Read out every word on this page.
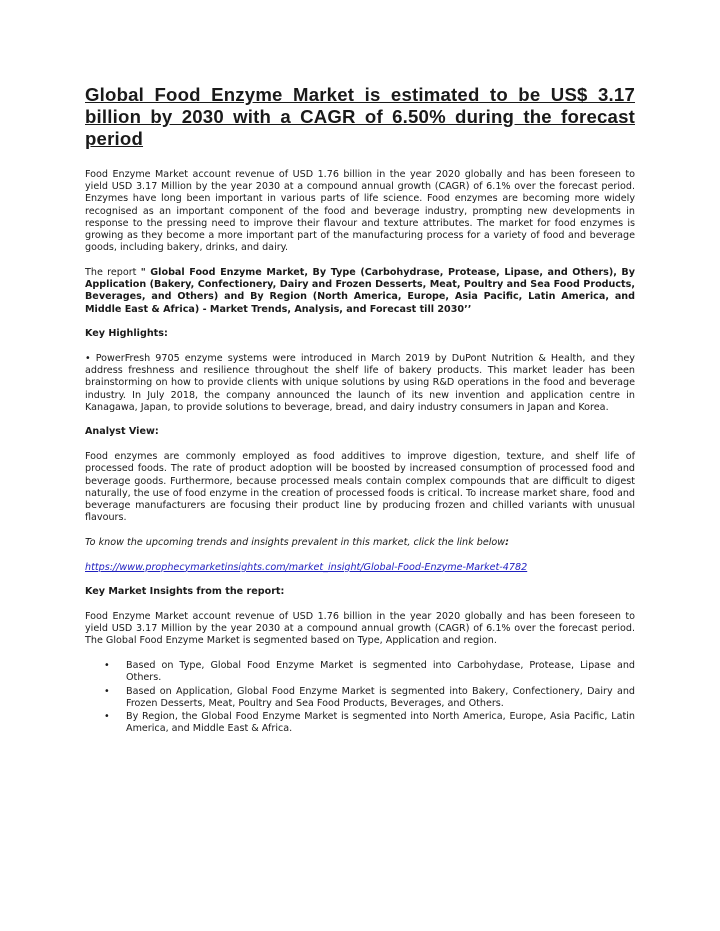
Global Food Enzyme Market is estimated to be US$ 3.17 billion by 2030 with a CAGR of 6.50% during the forecast period

Food Enzyme Market account revenue of USD 1.76 billion in the year 2020 globally and has been foreseen to yield USD 3.17 Million by the year 2030 at a compound annual growth (CAGR) of 6.1% over the forecast period. Enzymes have long been important in various parts of life science. Food enzymes are becoming more widely recognised as an important component of the food and beverage industry, prompting new developments in response to the pressing need to improve their flavour and texture attributes. The market for food enzymes is growing as they become a more important part of the manufacturing process for a variety of food and beverage goods, including bakery, drinks, and dairy.

The report " Global Food Enzyme Market, By Type (Carbohydrase, Protease, Lipase, and Others), By Application (Bakery, Confectionery, Dairy and Frozen Desserts, Meat, Poultry and Sea Food Products, Beverages, and Others) and By Region (North America, Europe, Asia Pacific, Latin America, and Middle East & Africa) - Market Trends, Analysis, and Forecast till 2030’’

Key Highlights:

• PowerFresh 9705 enzyme systems were introduced in March 2019 by DuPont Nutrition & Health, and they address freshness and resilience throughout the shelf life of bakery products. This market leader has been brainstorming on how to provide clients with unique solutions by using R&D operations in the food and beverage industry. In July 2018, the company announced the launch of its new invention and application centre in Kanagawa, Japan, to provide solutions to beverage, bread, and dairy industry consumers in Japan and Korea.

Analyst View:

Food enzymes are commonly employed as food additives to improve digestion, texture, and shelf life of processed foods. The rate of product adoption will be boosted by increased consumption of processed food and beverage goods. Furthermore, because processed meals contain complex compounds that are difficult to digest naturally, the use of food enzyme in the creation of processed foods is critical. To increase market share, food and beverage manufacturers are focusing their product line by producing frozen and chilled variants with unusual flavours.

To know the upcoming trends and insights prevalent in this market, click the link below:

https://www.prophecymarketinsights.com/market_insight/Global-Food-Enzyme-Market-4782

Key Market Insights from the report:

Food Enzyme Market account revenue of USD 1.76 billion in the year 2020 globally and has been foreseen to yield USD 3.17 Million by the year 2030 at a compound annual growth (CAGR) of 6.1% over the forecast period. The Global Food Enzyme Market is segmented based on Type, Application and region.

• Based on Type, Global Food Enzyme Market is segmented into Carbohydase, Protease, Lipase and Others.
• Based on Application, Global Food Enzyme Market is segmented into Bakery, Confectionery, Dairy and Frozen Desserts, Meat, Poultry and Sea Food Products, Beverages, and Others.
• By Region, the Global Food Enzyme Market is segmented into North America, Europe, Asia Pacific, Latin America, and Middle East & Africa.
